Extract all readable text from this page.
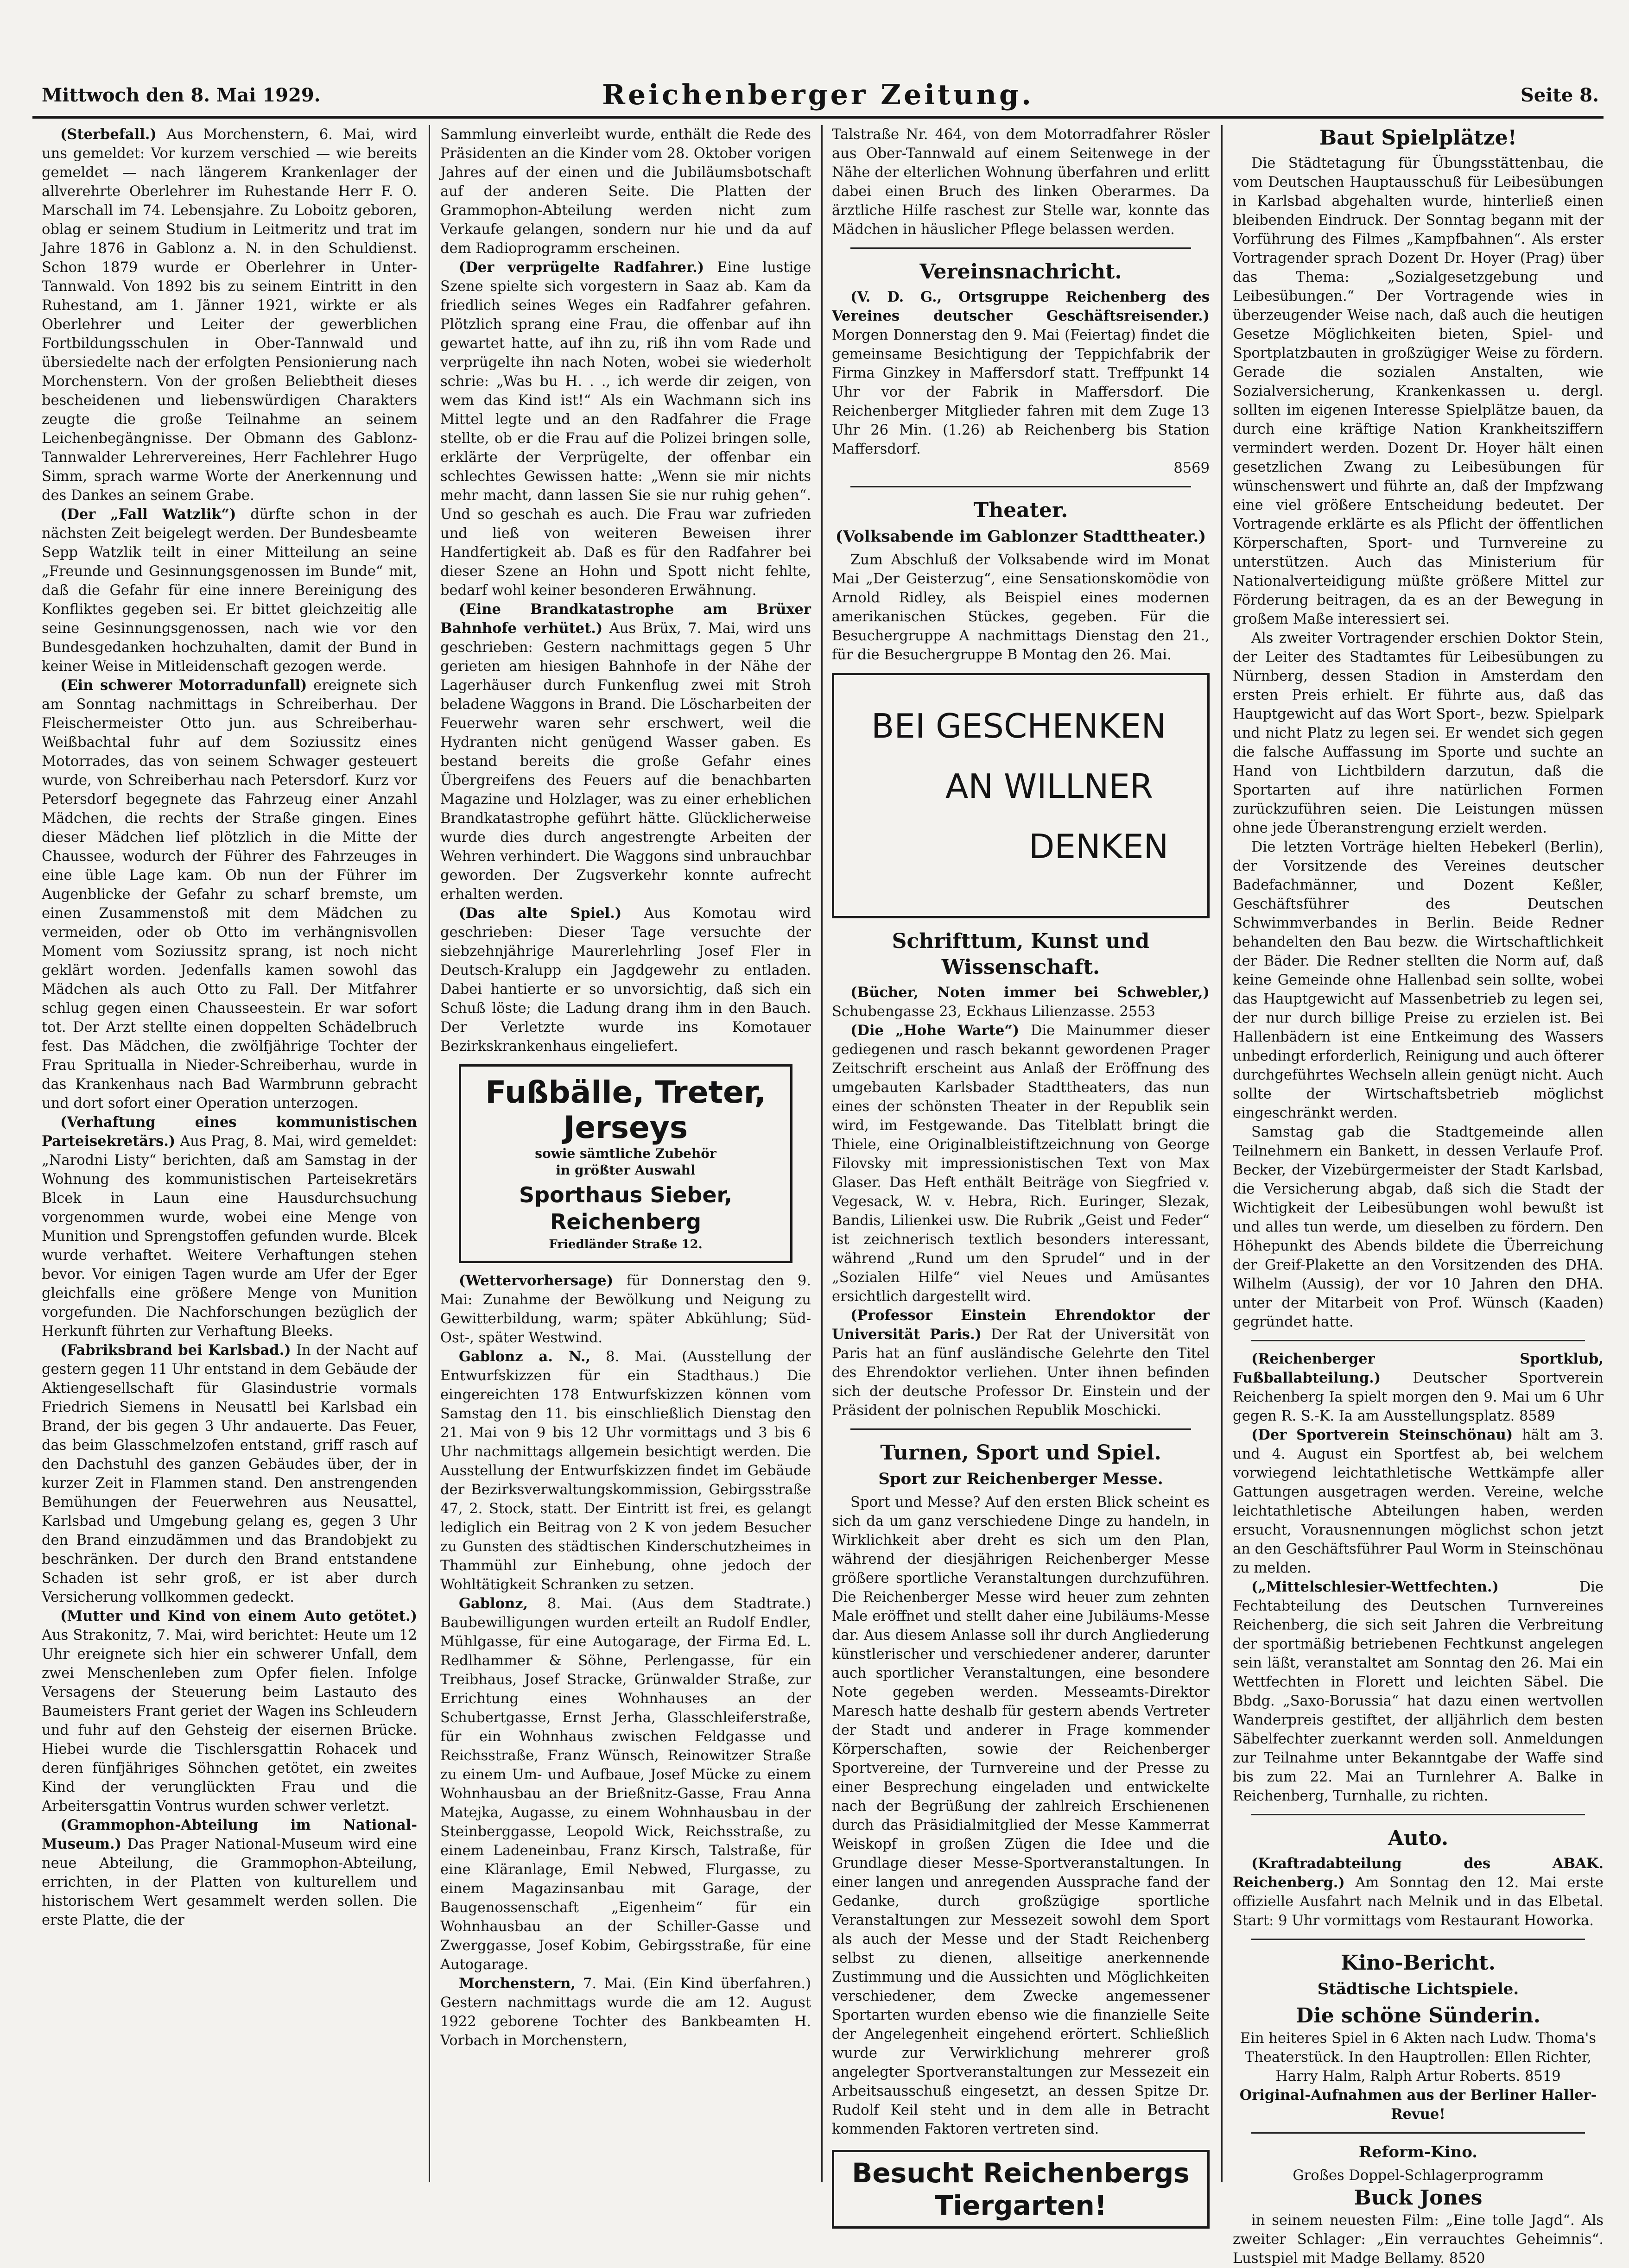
Mittwoch den 8. Mai 1929.	Reichenberger Zeitung.	Seite 8.

(Sterbefall.) Aus Morchenstern, 6. Mai, wird uns gemeldet: Vor kurzem verschied — wie bereits gemeldet — nach längerem Krankenlager der allverehrte Oberlehrer im Ruhestande Herr F. O. Marschall im 74. Lebensjahre. Zu Loboitz geboren, oblag er seinem Studium in Leitmeritz und trat im Jahre 1876 in Gablonz a. N. in den Schuldienst. Schon 1879 wurde er Oberlehrer in Unter-Tannwald. Von 1892 bis zu seinem Eintritt in den Ruhestand, am 1. Jänner 1921, wirkte er als Oberlehrer und Leiter der gewerblichen Fortbildungsschulen in Ober-Tannwald und übersiedelte nach der erfolgten Pensionierung nach Morchenstern. Von der großen Beliebtheit dieses bescheidenen und liebenswürdigen Charakters zeugte die große Teilnahme an seinem Leichenbegängnisse. Der Obmann des Gablonz-Tannwalder Lehrervereines, Herr Fachlehrer Hugo Simm, sprach warme Worte der Anerkennung und des Dankes an seinem Grabe.

(Der „Fall Watzlik“) dürfte schon in der nächsten Zeit beigelegt werden. Der Bundesbeamte Sepp Watzlik teilt in einer Mitteilung an seine „Freunde und Gesinnungsgenossen im Bunde“ mit, daß die Gefahr für eine innere Bereinigung des Konfliktes gegeben sei. Er bittet gleichzeitig alle seine Gesinnungsgenossen, nach wie vor den Bundesgedanken hochzuhalten, damit der Bund in keiner Weise in Mitleidenschaft gezogen werde.

(Ein schwerer Motorradunfall) ereignete sich am Sonntag nachmittags in Schreiberhau. Der Fleischermeister Otto jun. aus Schreiberhau-Weißbachtal fuhr auf dem Soziussitz eines Motorrades, das von seinem Schwager gesteuert wurde, von Schreiberhau nach Petersdorf. Kurz vor Petersdorf begegnete das Fahrzeug einer Anzahl Mädchen, die rechts der Straße gingen. Eines dieser Mädchen lief plötzlich in die Mitte der Chaussee, wodurch der Führer des Fahrzeuges in eine üble Lage kam. Ob nun der Führer im Augenblicke der Gefahr zu scharf bremste, um einen Zusammenstoß mit dem Mädchen zu vermeiden, oder ob Otto im verhängnisvollen Moment vom Soziussitz sprang, ist noch nicht geklärt worden. Jedenfalls kamen sowohl das Mädchen als auch Otto zu Fall. Der Mitfahrer schlug gegen einen Chausseestein. Er war sofort tot. Der Arzt stellte einen doppelten Schädelbruch fest. Das Mädchen, die zwölfjährige Tochter der Frau Spritualla in Nieder-Schreiberhau, wurde in das Krankenhaus nach Bad Warmbrunn gebracht und dort sofort einer Operation unterzogen.

(Verhaftung eines kommunistischen Parteisekretärs.) Aus Prag, 8. Mai, wird gemeldet: „Narodni Listy“ berichten, daß am Samstag in der Wohnung des kommunistischen Parteisekretärs Blcek in Laun eine Hausdurchsuchung vorgenommen wurde, wobei eine Menge von Munition und Sprengstoffen gefunden wurde. Blcek wurde verhaftet. Weitere Verhaftungen stehen bevor. Vor einigen Tagen wurde am Ufer der Eger gleichfalls eine größere Menge von Munition vorgefunden. Die Nachforschungen bezüglich der Herkunft führten zur Verhaftung Bleeks.

(Fabriksbrand bei Karlsbad.) In der Nacht auf gestern gegen 11 Uhr entstand in dem Gebäude der Aktiengesellschaft für Glasindustrie vormals Friedrich Siemens in Neusattl bei Karlsbad ein Brand, der bis gegen 3 Uhr andauerte. Das Feuer, das beim Glasschmelzofen entstand, griff rasch auf den Dachstuhl des ganzen Gebäudes über, der in kurzer Zeit in Flammen stand. Den anstrengenden Bemühungen der Feuerwehren aus Neusattel, Karlsbad und Umgebung gelang es, gegen 3 Uhr den Brand einzudämmen und das Brandobjekt zu beschränken. Der durch den Brand entstandene Schaden ist sehr groß, er ist aber durch Versicherung vollkommen gedeckt.

(Mutter und Kind von einem Auto getötet.) Aus Strakonitz, 7. Mai, wird berichtet: Heute um 12 Uhr ereignete sich hier ein schwerer Unfall, dem zwei Menschenleben zum Opfer fielen. Infolge Versagens der Steuerung beim Lastauto des Baumeisters Frant geriet der Wagen ins Schleudern und fuhr auf den Gehsteig der eisernen Brücke. Hiebei wurde die Tischlersgattin Rohacek und deren fünfjähriges Söhnchen getötet, ein zweites Kind der verunglückten Frau und die Arbeitersgattin Vontrus wurden schwer verletzt.

(Grammophon-Abteilung im National-Museum.) Das Prager National-Museum wird eine neue Abteilung, die Grammophon-Abteilung, errichten, in der Platten von kulturellem und historischem Wert gesammelt werden sollen. Die erste Platte, die der

Sammlung einverleibt wurde, enthält die Rede des Präsidenten an die Kinder vom 28. Oktober vorigen Jahres auf der einen und die Jubiläumsbotschaft auf der anderen Seite. Die Platten der Grammophon-Abteilung werden nicht zum Verkaufe gelangen, sondern nur hie und da auf dem Radioprogramm erscheinen.

(Der verprügelte Radfahrer.) Eine lustige Szene spielte sich vorgestern in Saaz ab. Kam da friedlich seines Weges ein Radfahrer gefahren. Plötzlich sprang eine Frau, die offenbar auf ihn gewartet hatte, auf ihn zu, riß ihn vom Rade und verprügelte ihn nach Noten, wobei sie wiederholt schrie: „Was bu H. . ., ich werde dir zeigen, von wem das Kind ist!“ Als ein Wachmann sich ins Mittel legte und an den Radfahrer die Frage stellte, ob er die Frau auf die Polizei bringen solle, erklärte der Verprügelte, der offenbar ein schlechtes Gewissen hatte: „Wenn sie mir nichts mehr macht, dann lassen Sie sie nur ruhig gehen“. Und so geschah es auch. Die Frau war zufrieden und ließ von weiteren Beweisen ihrer Handfertigkeit ab. Daß es für den Radfahrer bei dieser Szene an Hohn und Spott nicht fehlte, bedarf wohl keiner besonderen Erwähnung.

(Eine Brandkatastrophe am Brüxer Bahnhofe verhütet.) Aus Brüx, 7. Mai, wird uns geschrieben: Gestern nachmittags gegen 5 Uhr gerieten am hiesigen Bahnhofe in der Nähe der Lagerhäuser durch Funkenflug zwei mit Stroh beladene Waggons in Brand. Die Löscharbeiten der Feuerwehr waren sehr erschwert, weil die Hydranten nicht genügend Wasser gaben. Es bestand bereits die große Gefahr eines Übergreifens des Feuers auf die benachbarten Magazine und Holzlager, was zu einer erheblichen Brandkatastrophe geführt hätte. Glücklicherweise wurde dies durch angestrengte Arbeiten der Wehren verhindert. Die Waggons sind unbrauchbar geworden. Der Zugsverkehr konnte aufrecht erhalten werden.

(Das alte Spiel.) Aus Komotau wird geschrieben: Dieser Tage versuchte der siebzehnjährige Maurerlehrling Josef Fler in Deutsch-Kralupp ein Jagdgewehr zu entladen. Dabei hantierte er so unvorsichtig, daß sich ein Schuß löste; die Ladung drang ihm in den Bauch. Der Verletzte wurde ins Komotauer Bezirkskrankenhaus eingeliefert.

Fußbälle, Treter,
Jerseys
sowie sämtliche Zubehör
in größter Auswahl
Sporthaus Sieber, Reichenberg
Friedländer Straße 12.

(Wettervorhersage) für Donnerstag den 9. Mai: Zunahme der Bewölkung und Neigung zu Gewitterbildung, warm; später Abkühlung; Süd-Ost-, später Westwind.

Gablonz a. N., 8. Mai. (Ausstellung der Entwurfskizzen für ein Stadthaus.) Die eingereichten 178 Entwurfskizzen können vom Samstag den 11. bis einschließlich Dienstag den 21. Mai von 9 bis 12 Uhr vormittags und 3 bis 6 Uhr nachmittags allgemein besichtigt werden. Die Ausstellung der Entwurfskizzen findet im Gebäude der Bezirksverwaltungskommission, Gebirgsstraße 47, 2. Stock, statt. Der Eintritt ist frei, es gelangt lediglich ein Beitrag von 2 K von jedem Besucher zu Gunsten des städtischen Kinderschutzheimes in Thammühl zur Einhebung, ohne jedoch der Wohltätigkeit Schranken zu setzen.

Gablonz, 8. Mai. (Aus dem Stadtrate.) Baubewilligungen wurden erteilt an Rudolf Endler, Mühlgasse, für eine Autogarage, der Firma Ed. L. Redlhammer & Söhne, Perlengasse, für ein Treibhaus, Josef Stracke, Grünwalder Straße, zur Errichtung eines Wohnhauses an der Schubertgasse, Ernst Jerha, Glasschleiferstraße, für ein Wohnhaus zwischen Feldgasse und Reichsstraße, Franz Wünsch, Reinowitzer Straße zu einem Um- und Aufbaue, Josef Mücke zu einem Wohnhausbau an der Brießnitz-Gasse, Frau Anna Matejka, Augasse, zu einem Wohnhausbau in der Steinberggasse, Leopold Wick, Reichsstraße, zu einem Ladeneinbau, Franz Kirsch, Talstraße, für eine Kläranlage, Emil Nebwed, Flurgasse, zu einem Magazinsanbau mit Garage, der Baugenossenschaft „Eigenheim“ für ein Wohnhausbau an der Schiller-Gasse und Zwerggasse, Josef Kobim, Gebirgsstraße, für eine Autogarage.

Morchenstern, 7. Mai. (Ein Kind überfahren.) Gestern nachmittags wurde die am 12. August 1922 geborene Tochter des Bankbeamten H. Vorbach in Morchenstern,

Talstraße Nr. 464, von dem Motorradfahrer Rösler aus Ober-Tannwald auf einem Seitenwege in der Nähe der elterlichen Wohnung überfahren und erlitt dabei einen Bruch des linken Oberarmes. Da ärztliche Hilfe raschest zur Stelle war, konnte das Mädchen in häuslicher Pflege belassen werden.

Vereinsnachricht.

(V. D. G., Ortsgruppe Reichenberg des Vereines deutscher Geschäftsreisender.) Morgen Donnerstag den 9. Mai (Feiertag) findet die gemeinsame Besichtigung der Teppichfabrik der Firma Ginzkey in Maffersdorf statt. Treffpunkt 14 Uhr vor der Fabrik in Maffersdorf. Die Reichenberger Mitglieder fahren mit dem Zuge 13 Uhr 26 Min. (1.26) ab Reichenberg bis Station Maffersdorf.

8569
Theater.
(Volksabende im Gablonzer Stadttheater.)

Zum Abschluß der Volksabende wird im Monat Mai „Der Geisterzug“, eine Sensationskomödie von Arnold Ridley, als Beispiel eines modernen amerikanischen Stückes, gegeben. Für die Besuchergruppe A nachmittags Dienstag den 21., für die Besuchergruppe B Montag den 26. Mai.

BEI GESCHENKEN
AN WILLNER
DENKEN
Schrifttum, Kunst und Wissenschaft.

(Bücher, Noten immer bei Schwebler,) Schubengasse 23, Eckhaus Lilienzasse. 2553

(Die „Hohe Warte“) Die Mainummer dieser gediegenen und rasch bekannt gewordenen Prager Zeitschrift erscheint aus Anlaß der Eröffnung des umgebauten Karlsbader Stadttheaters, das nun eines der schönsten Theater in der Republik sein wird, im Festgewande. Das Titelblatt bringt die Thiele, eine Originalbleistiftzeichnung von George Filovsky mit impressionistischen Text von Max Glaser. Das Heft enthält Beiträge von Siegfried v. Vegesack, W. v. Hebra, Rich. Euringer, Slezak, Bandis, Lilienkei usw. Die Rubrik „Geist und Feder“ ist zeichnerisch textlich besonders interessant, während „Rund um den Sprudel“ und in der „Sozialen Hilfe“ viel Neues und Amüsantes ersichtlich dargestellt wird.

(Professor Einstein Ehrendoktor der Universität Paris.) Der Rat der Universität von Paris hat an fünf ausländische Gelehrte den Titel des Ehrendoktor verliehen. Unter ihnen befinden sich der deutsche Professor Dr. Einstein und der Präsident der polnischen Republik Moschicki.

Turnen, Sport und Spiel.
Sport zur Reichenberger Messe.

Sport und Messe? Auf den ersten Blick scheint es sich da um ganz verschiedene Dinge zu handeln, in Wirklichkeit aber dreht es sich um den Plan, während der diesjährigen Reichenberger Messe größere sportliche Veranstaltungen durchzuführen. Die Reichenberger Messe wird heuer zum zehnten Male eröffnet und stellt daher eine Jubiläums-Messe dar. Aus diesem Anlasse soll ihr durch Angliederung künstlerischer und verschiedener anderer, darunter auch sportlicher Veranstaltungen, eine besondere Note gegeben werden. Messeamts-Direktor Maresch hatte deshalb für gestern abends Vertreter der Stadt und anderer in Frage kommender Körperschaften, sowie der Reichenberger Sportvereine, der Turnvereine und der Presse zu einer Besprechung eingeladen und entwickelte nach der Begrüßung der zahlreich Erschienenen durch das Präsidialmitglied der Messe Kammerrat Weiskopf in großen Zügen die Idee und die Grundlage dieser Messe-Sportveranstaltungen. In einer langen und anregenden Aussprache fand der Gedanke, durch großzügige sportliche Veranstaltungen zur Messezeit sowohl dem Sport als auch der Messe und der Stadt Reichenberg selbst zu dienen, allseitige anerkennende Zustimmung und die Aussichten und Möglichkeiten verschiedener, dem Zwecke angemessener Sportarten wurden ebenso wie die finanzielle Seite der Angelegenheit eingehend erörtert. Schließlich wurde zur Verwirklichung mehrerer groß angelegter Sportveranstaltungen zur Messezeit ein Arbeitsausschuß eingesetzt, an dessen Spitze Dr. Rudolf Keil steht und in dem alle in Betracht kommenden Faktoren vertreten sind.

Besucht Reichenbergs Tiergarten!
Baut Spielplätze!

Die Städtetagung für Übungsstättenbau, die vom Deutschen Hauptausschuß für Leibesübungen in Karlsbad abgehalten wurde, hinterließ einen bleibenden Eindruck. Der Sonntag begann mit der Vorführung des Filmes „Kampfbahnen“. Als erster Vortragender sprach Dozent Dr. Hoyer (Prag) über das Thema: „Sozialgesetzgebung und Leibesübungen.“ Der Vortragende wies in überzeugender Weise nach, daß auch die heutigen Gesetze Möglichkeiten bieten, Spiel- und Sportplatzbauten in großzügiger Weise zu fördern. Gerade die sozialen Anstalten, wie Sozialversicherung, Krankenkassen u. dergl. sollten im eigenen Interesse Spielplätze bauen, da durch eine kräftige Nation Krankheitsziffern vermindert werden. Dozent Dr. Hoyer hält einen gesetzlichen Zwang zu Leibesübungen für wünschenswert und führte an, daß der Impfzwang eine viel größere Entscheidung bedeutet. Der Vortragende erklärte es als Pflicht der öffentlichen Körperschaften, Sport- und Turnvereine zu unterstützen. Auch das Ministerium für Nationalverteidigung müßte größere Mittel zur Förderung beitragen, da es an der Bewegung in großem Maße interessiert sei.

Als zweiter Vortragender erschien Doktor Stein, der Leiter des Stadtamtes für Leibesübungen zu Nürnberg, dessen Stadion in Amsterdam den ersten Preis erhielt. Er führte aus, daß das Hauptgewicht auf das Wort Sport-, bezw. Spielpark und nicht Platz zu legen sei. Er wendet sich gegen die falsche Auffassung im Sporte und suchte an Hand von Lichtbildern darzutun, daß die Sportarten auf ihre natürlichen Formen zurückzuführen seien. Die Leistungen müssen ohne jede Überanstrengung erzielt werden.

Die letzten Vorträge hielten Hebekerl (Berlin), der Vorsitzende des Vereines deutscher Badefachmänner, und Dozent Keßler, Geschäftsführer des Deutschen Schwimmverbandes in Berlin. Beide Redner behandelten den Bau bezw. die Wirtschaftlichkeit der Bäder. Die Redner stellten die Norm auf, daß keine Gemeinde ohne Hallenbad sein sollte, wobei das Hauptgewicht auf Massenbetrieb zu legen sei, der nur durch billige Preise zu erzielen ist. Bei Hallenbädern ist eine Entkeimung des Wassers unbedingt erforderlich, Reinigung und auch öfterer durchgeführtes Wechseln allein genügt nicht. Auch sollte der Wirtschaftsbetrieb möglichst eingeschränkt werden.

Samstag gab die Stadtgemeinde allen Teilnehmern ein Bankett, in dessen Verlaufe Prof. Becker, der Vizebürgermeister der Stadt Karlsbad, die Versicherung abgab, daß sich die Stadt der Wichtigkeit der Leibesübungen wohl bewußt ist und alles tun werde, um dieselben zu fördern. Den Höhepunkt des Abends bildete die Überreichung der Greif-Plakette an den Vorsitzenden des DHA. Wilhelm (Aussig), der vor 10 Jahren den DHA. unter der Mitarbeit von Prof. Wünsch (Kaaden) gegründet hatte.

(Reichenberger Sportklub, Fußballabteilung.) Deutscher Sportverein Reichenberg Ia spielt morgen den 9. Mai um 6 Uhr gegen R. S.-K. Ia am Ausstellungsplatz. 8589

(Der Sportverein Steinschönau) hält am 3. und 4. August ein Sportfest ab, bei welchem vorwiegend leichtathletische Wettkämpfe aller Gattungen ausgetragen werden. Vereine, welche leichtathletische Abteilungen haben, werden ersucht, Vorausnennungen möglichst schon jetzt an den Geschäftsführer Paul Worm in Steinschönau zu melden.

(„Mittelschlesier-Wettfechten.) Die Fechtabteilung des Deutschen Turnvereines Reichenberg, die sich seit Jahren die Verbreitung der sportmäßig betriebenen Fechtkunst angelegen sein läßt, veranstaltet am Sonntag den 26. Mai ein Wettfechten in Florett und leichten Säbel. Die Bbdg. „Saxo-Borussia“ hat dazu einen wertvollen Wanderpreis gestiftet, der alljährlich dem besten Säbelfechter zuerkannt werden soll. Anmeldungen zur Teilnahme unter Bekanntgabe der Waffe sind bis zum 22. Mai an Turnlehrer A. Balke in Reichenberg, Turnhalle, zu richten.

Auto.

(Kraftradabteilung des ABAK. Reichenberg.) Am Sonntag den 12. Mai erste offizielle Ausfahrt nach Melnik und in das Elbetal. Start: 9 Uhr vormittags vom Restaurant Howorka.

Kino-Bericht.
Städtische Lichtspiele.
Die schöne Sünderin.

Ein heiteres Spiel in 6 Akten nach Ludw. Thoma's Theaterstück. In den Hauptrollen: Ellen Richter, Harry Halm, Ralph Artur Roberts. 8519

Original-Aufnahmen aus der Berliner Haller-Revue!

Reform-Kino.

Großes Doppel-Schlagerprogramm

Buck Jones

in seinem neuesten Film: „Eine tolle Jagd“. Als zweiter Schlager: „Ein verrauchtes Geheimnis“. Lustspiel mit Madge Bellamy. 8520
